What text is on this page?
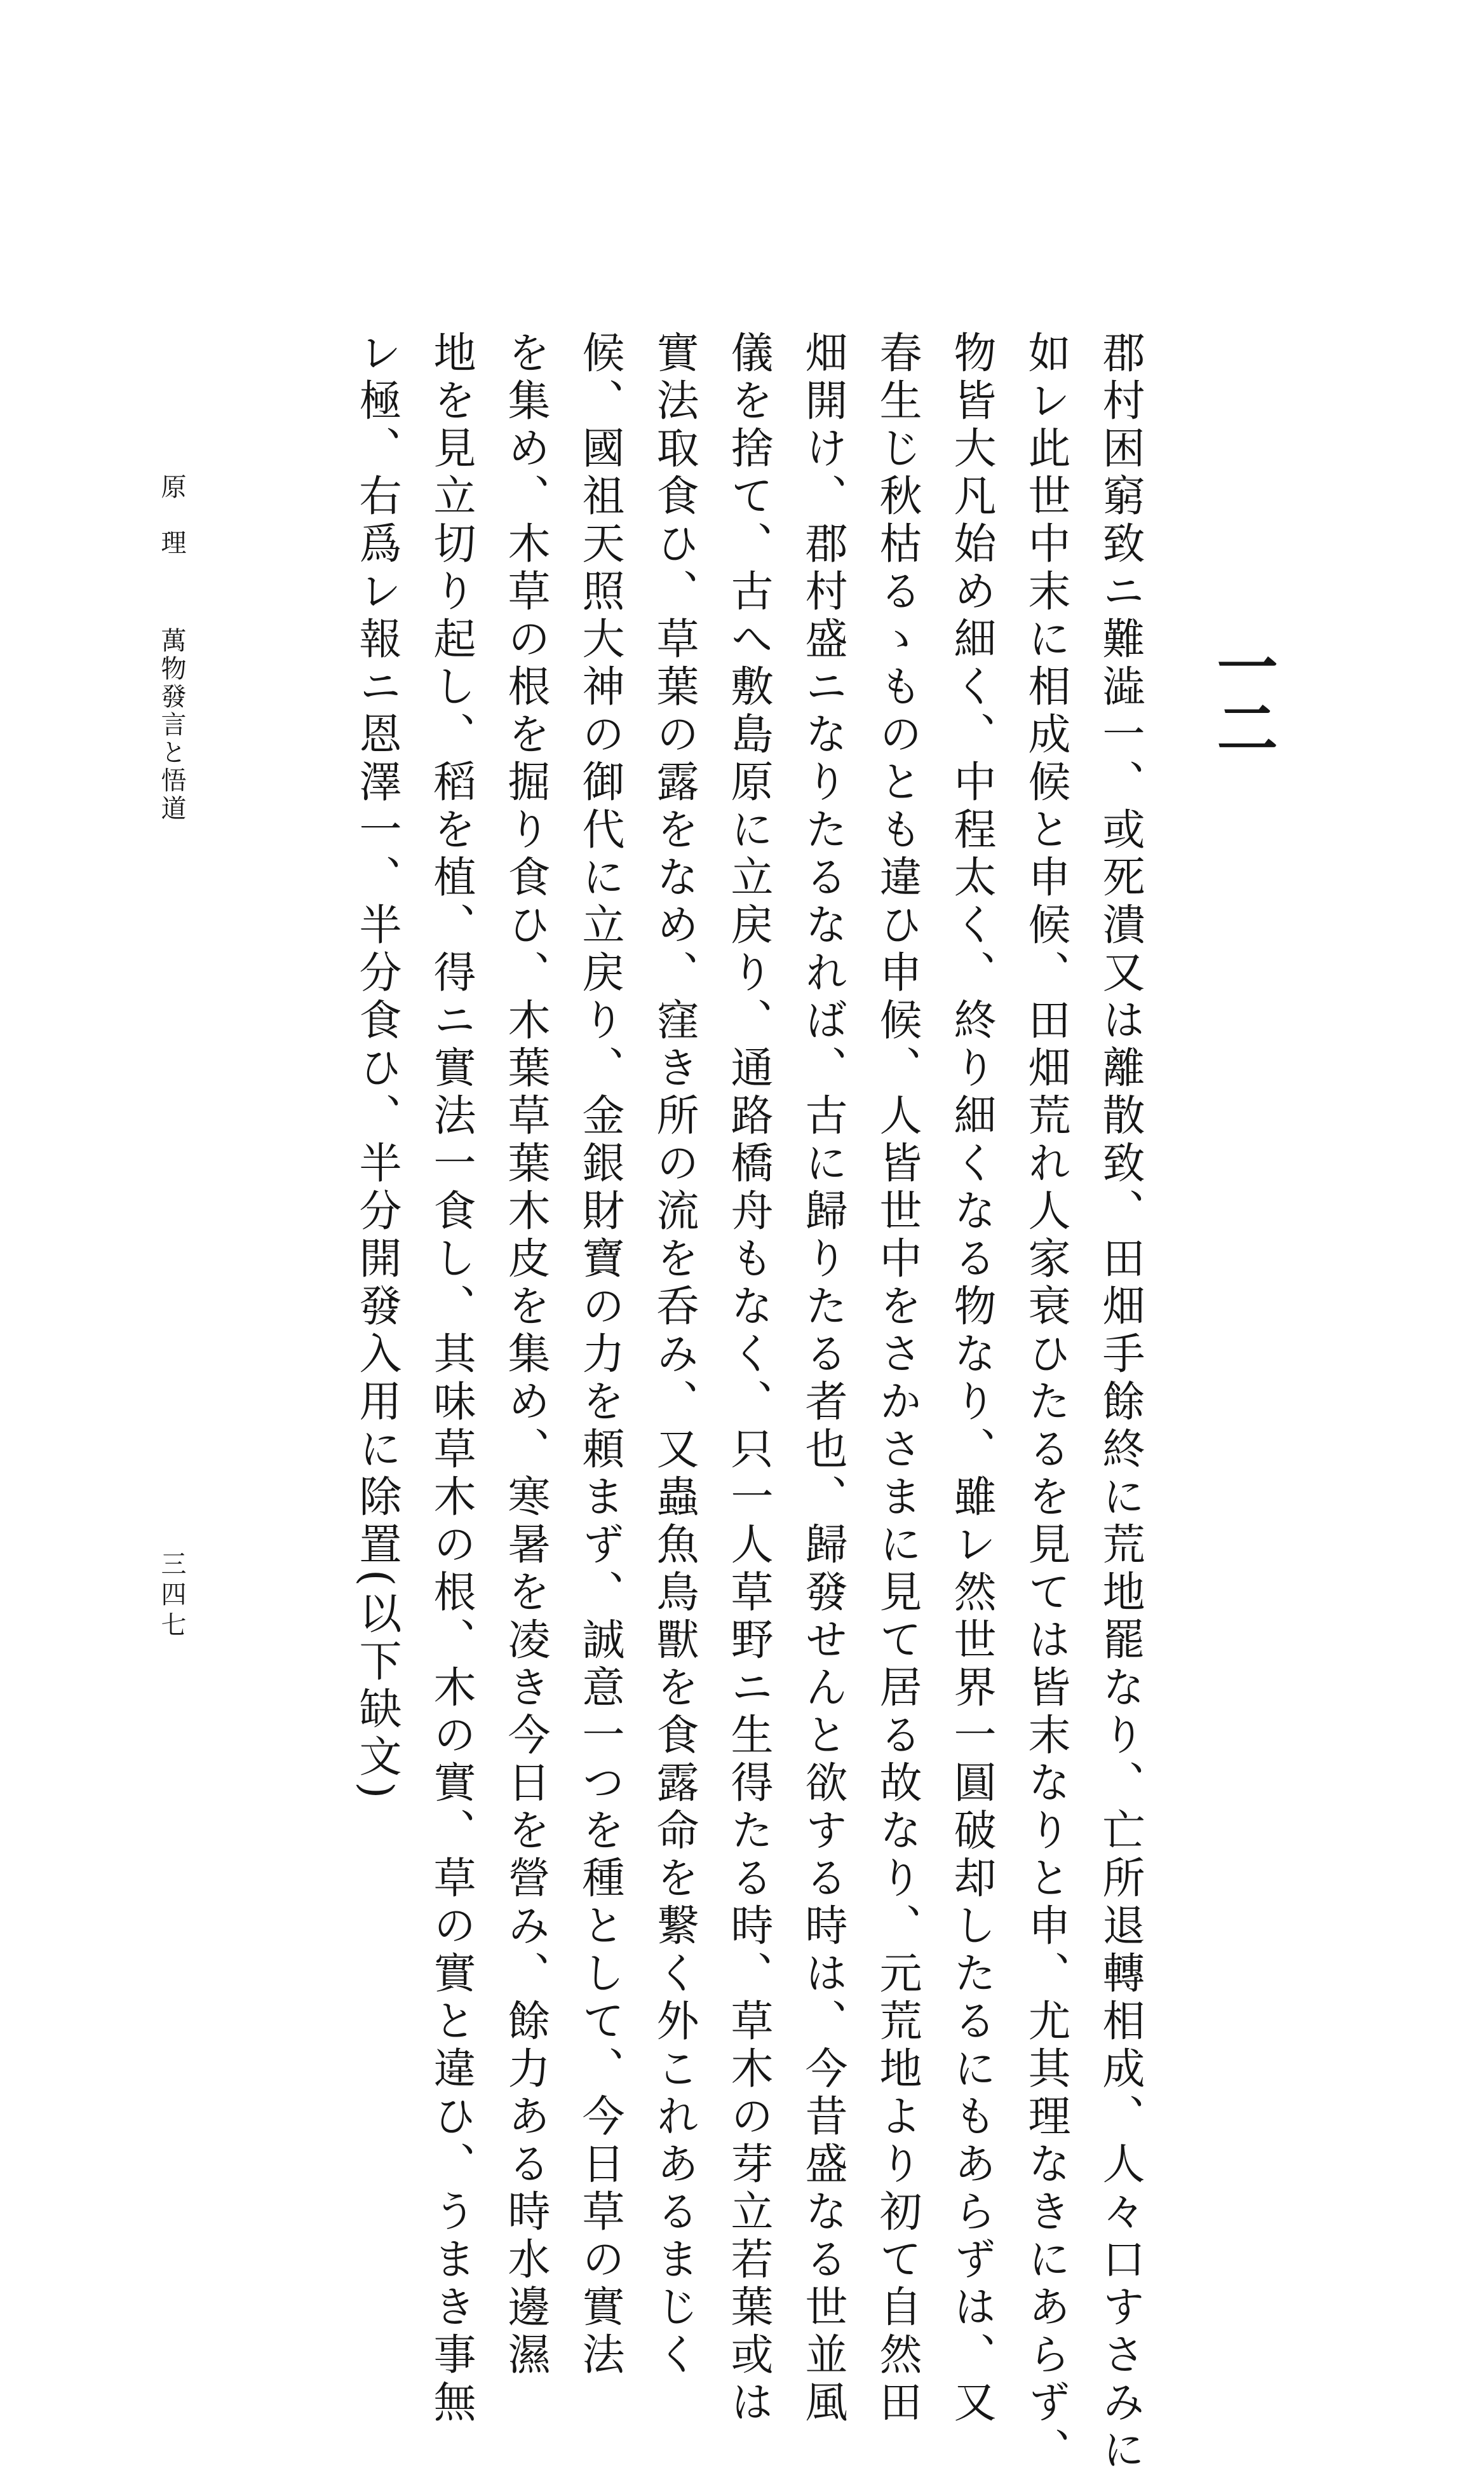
一二
郡村困窮致ニ難澁一、或死潰又は離散致、田畑手餘終に荒地罷なり、亡所退轉相成、人々口すさみに
如レ此世中末に相成候と申候、田畑荒れ人家衰ひたるを見ては皆末なりと申、尤其理なきにあらず、
物皆大凡始め細く、中程太く、終り細くなる物なり、雖レ然世界一圓破却したるにもあらずは、又
春生じ秋枯るゝものとも違ひ申候、人皆世中をさかさまに見て居る故なり、元荒地より初て自然田
畑開け、郡村盛ニなりたるなれば、古に歸りたる者也、歸發せんと欲する時は、今昔盛なる世並風
儀を捨て、古へ敷島原に立戻り、通路橋舟もなく、只一人草野ニ生得たる時、草木の芽立若葉或は
實法取食ひ、草葉の露をなめ、窪き所の流を呑み、又蟲魚鳥獸を食露命を繋く外これあるまじく
候、國祖天照大神の御代に立戻り、金銀財寶の力を頼まず、誠意一つを種として、今日草の實法
を集め、木草の根を掘り食ひ、木葉草葉木皮を集め、寒暑を凌き今日を營み、餘力ある時水邊濕
地を見立切り起し、稻を植、得ニ實法一食し、其味草木の根、木の實、草の實と違ひ、うまき事無
レ極、右爲レ報ニ恩澤一、半分食ひ、半分開發入用に除置(以下缺文)
原　理萬物發言と悟道
三四七
